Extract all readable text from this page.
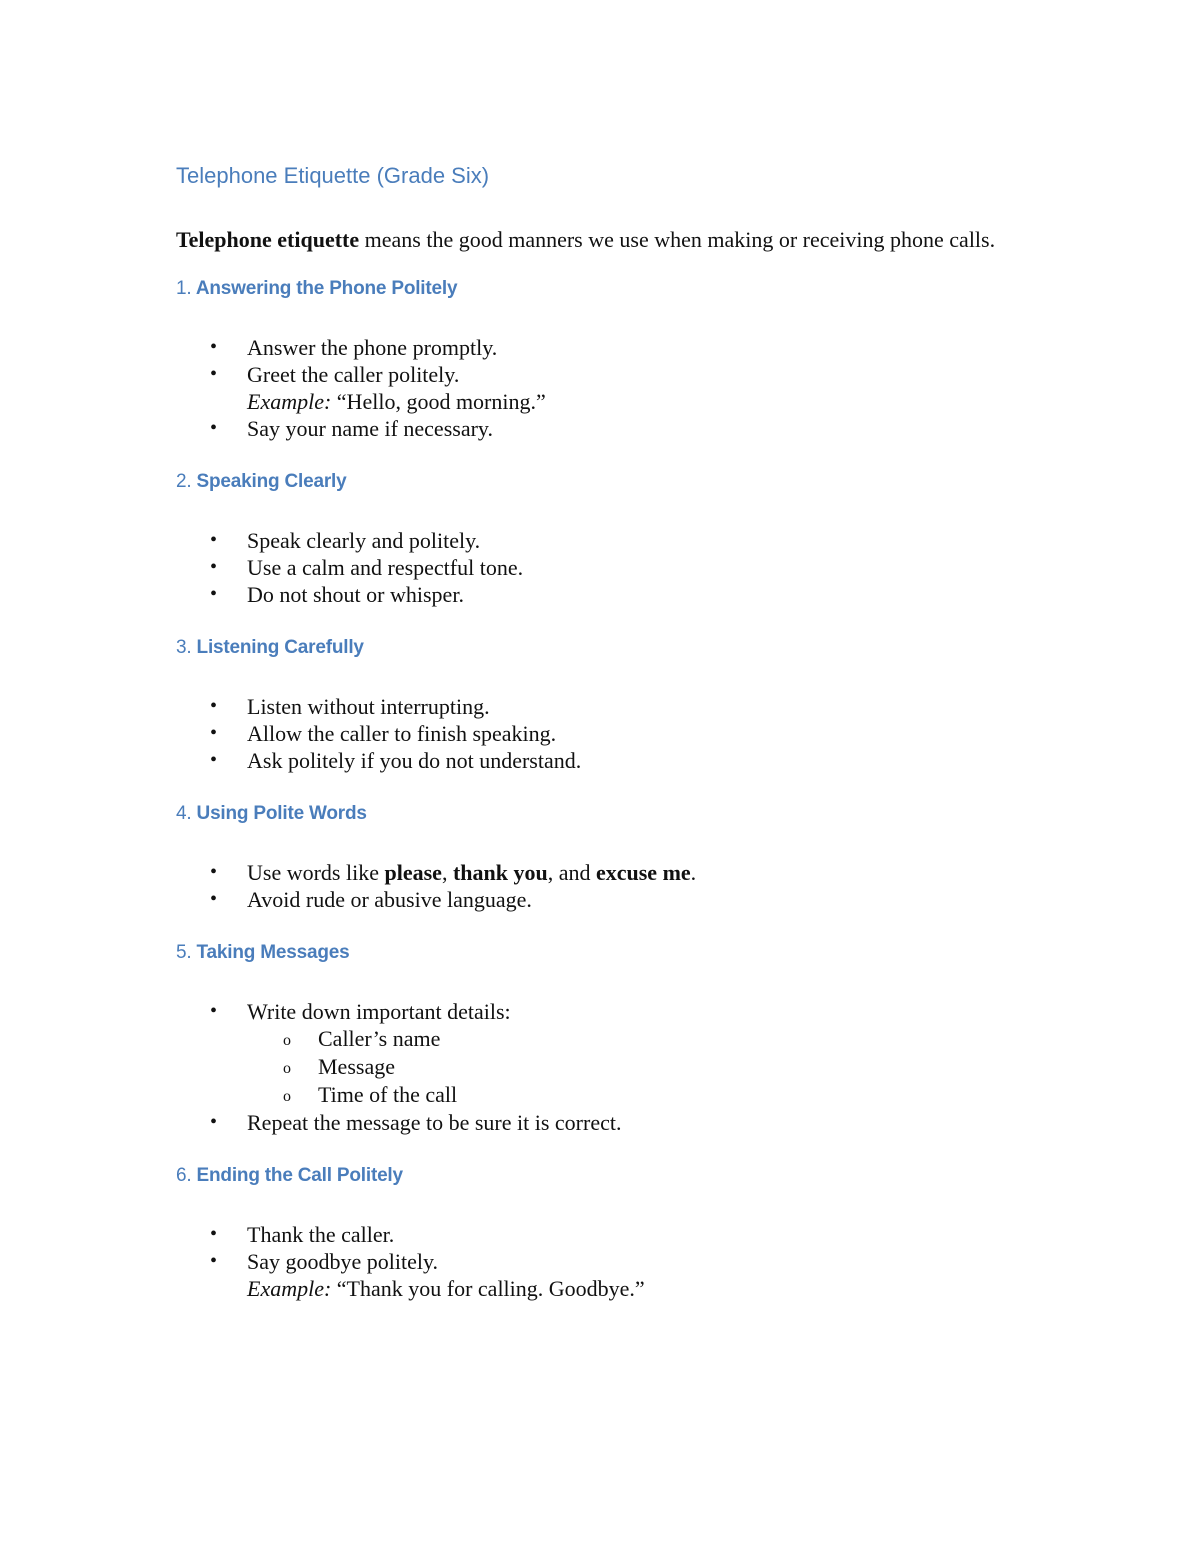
Telephone Etiquette (Grade Six)

Telephone etiquette means the good manners we use when making or receiving phone calls.

1. Answering the Phone Politely
• Answer the phone promptly.
• Greet the caller politely.
Example: “Hello, good morning.”
• Say your name if necessary.
2. Speaking Clearly
• Speak clearly and politely.
• Use a calm and respectful tone.
• Do not shout or whisper.
3. Listening Carefully
• Listen without interrupting.
• Allow the caller to finish speaking.
• Ask politely if you do not understand.
4. Using Polite Words
• Use words like please, thank you, and excuse me.
• Avoid rude or abusive language.
5. Taking Messages
• Write down important details:
o Caller’s name
o Message
o Time of the call
• Repeat the message to be sure it is correct.
6. Ending the Call Politely
• Thank the caller.
• Say goodbye politely.
Example: “Thank you for calling. Goodbye.”
